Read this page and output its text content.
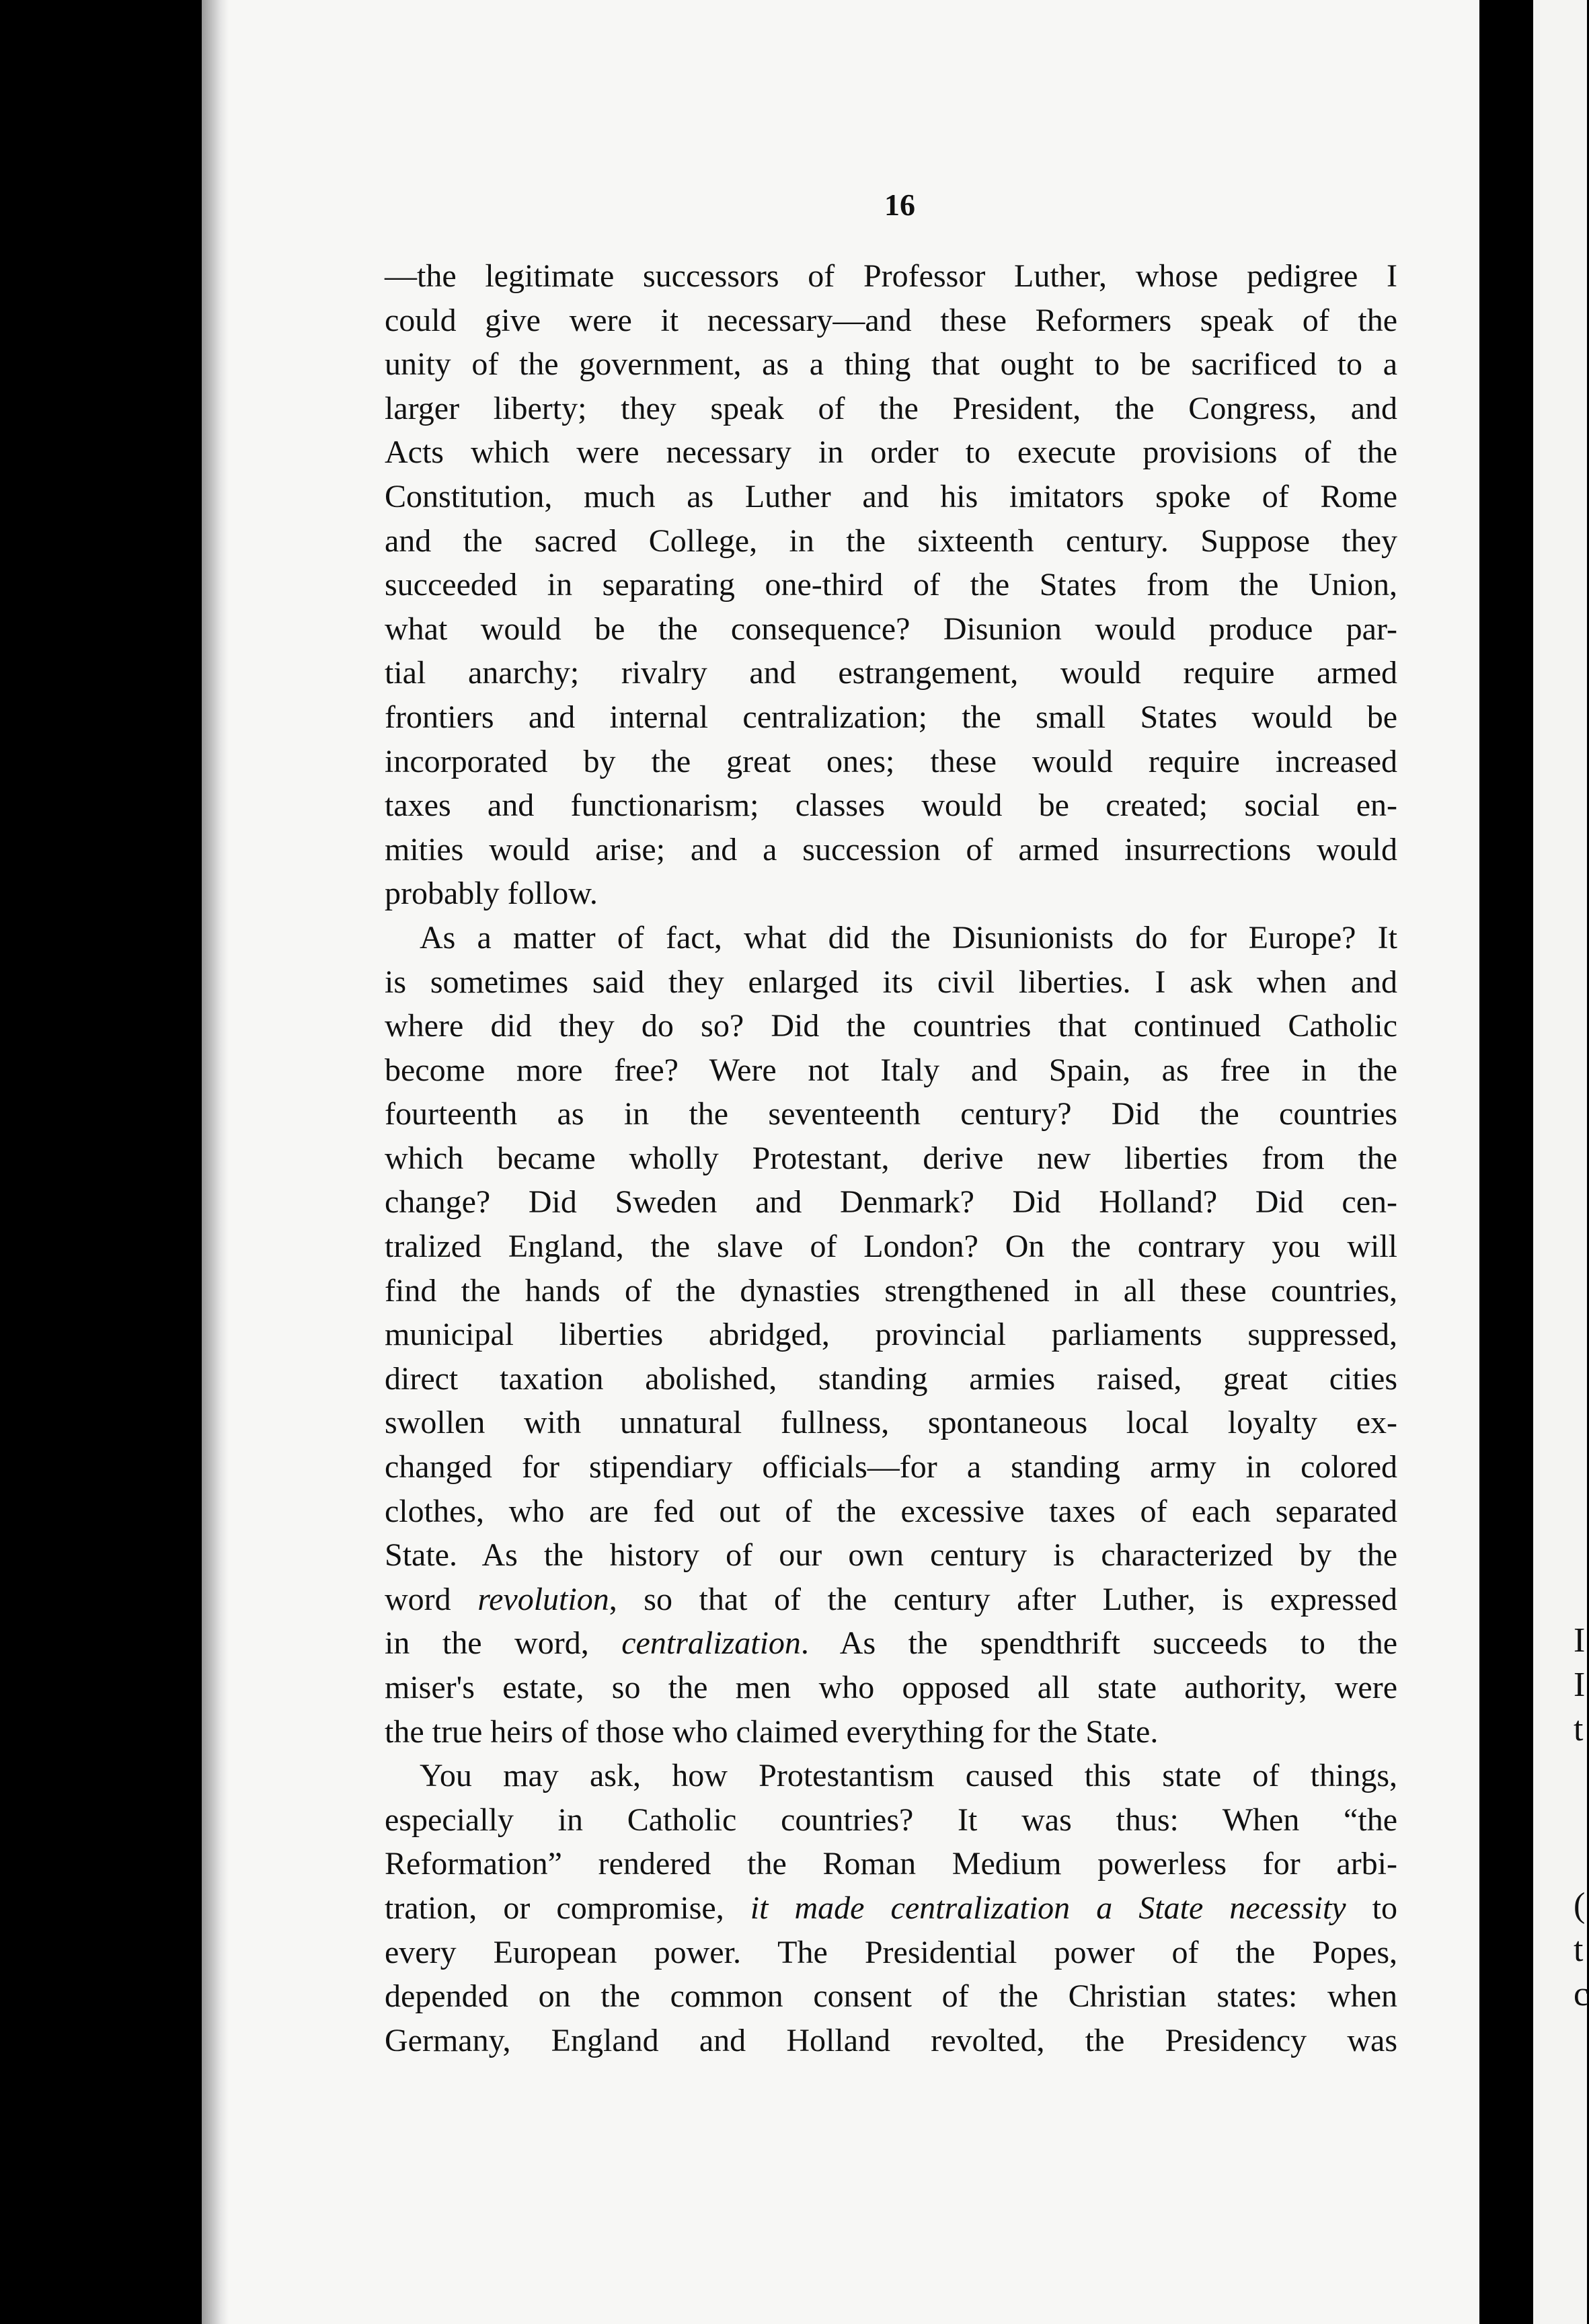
I
I
t
(
t
c

16

—the legitimate successors of Professor Luther, whose pedigree I
could give were it necessary—and these Reformers speak of the
unity of the government, as a thing that ought to be sacrificed to a
larger liberty; they speak of the President, the Congress, and
Acts which were necessary in order to execute provisions of the
Constitution, much as Luther and his imitators spoke of Rome
and the sacred College, in the sixteenth century. Suppose they
succeeded in separating one-third of the States from the Union,
what would be the consequence? Disunion would produce par-
tial anarchy; rivalry and estrangement, would require armed
frontiers and internal centralization; the small States would be
incorporated by the great ones; these would require increased
taxes and functionarism; classes would be created; social en-
mities would arise; and a succession of armed insurrections would
probably follow.
As a matter of fact, what did the Disunionists do for Europe? It
is sometimes said they enlarged its civil liberties. I ask when and
where did they do so? Did the countries that continued Catholic
become more free? Were not Italy and Spain, as free in the
fourteenth as in the seventeenth century? Did the countries
which became wholly Protestant, derive new liberties from the
change? Did Sweden and Denmark? Did Holland? Did cen-
tralized England, the slave of London? On the contrary you will
find the hands of the dynasties strengthened in all these countries,
municipal liberties abridged, provincial parliaments suppressed,
direct taxation abolished, standing armies raised, great cities
swollen with unnatural fullness, spontaneous local loyalty ex-
changed for stipendiary officials—for a standing army in colored
clothes, who are fed out of the excessive taxes of each separated
State. As the history of our own century is characterized by the
word revolution, so that of the century after Luther, is expressed
in the word, centralization. As the spendthrift succeeds to the
miser's estate, so the men who opposed all state authority, were
the true heirs of those who claimed everything for the State.
You may ask, how Protestantism caused this state of things,
especially in Catholic countries? It was thus: When “the
Reformation” rendered the Roman Medium powerless for arbi-
tration, or compromise, it made centralization a State necessity to
every European power. The Presidential power of the Popes,
depended on the common consent of the Christian states: when
Germany, England and Holland revolted, the Presidency was
